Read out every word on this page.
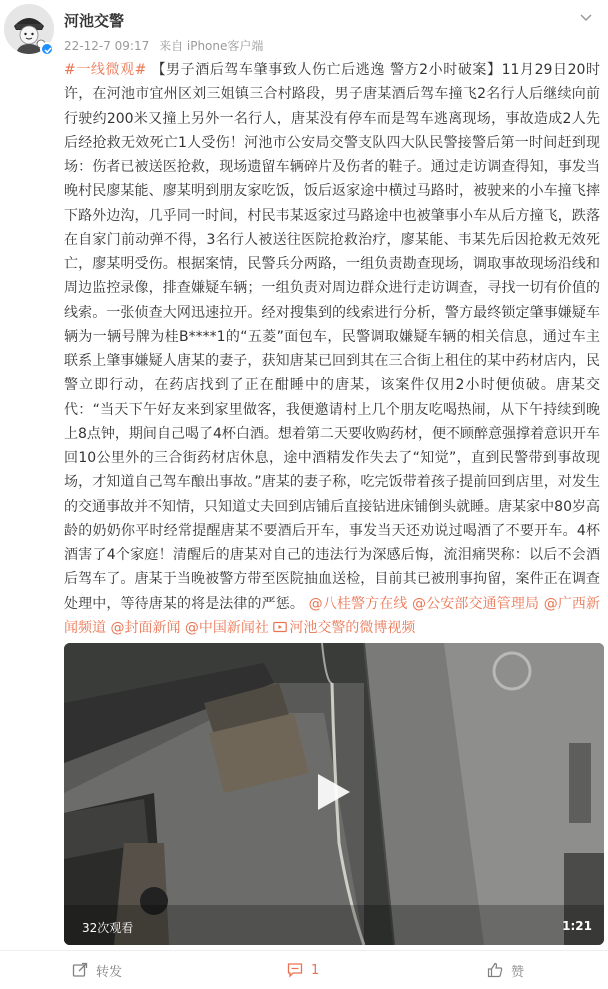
河池交警
22-12-7 09:17 来自 iPhone客户端
#一线微观# 【男子酒后驾车肇事致人伤亡后逃逸 警方2小时破案】11月29日20时许，在河池市宜州区刘三姐镇三合村路段，男子唐某酒后驾车撞飞2名行人后继续向前行驶约200米又撞上另外一名行人，唐某没有停车而是驾车逃离现场，事故造成2人先后经抢救无效死亡1人受伤！河池市公安局交警支队四大队民警接警后第一时间赶到现场：伤者已被送医抢救，现场遗留车辆碎片及伤者的鞋子。通过走访调查得知，事发当晚村民廖某能、廖某明到朋友家吃饭，饭后返家途中横过马路时，被驶来的小车撞飞摔下路外边沟，几乎同一时间，村民韦某返家过马路途中也被肇事小车从后方撞飞，跌落在自家门前动弹不得，3名行人被送往医院抢救治疗，廖某能、韦某先后因抢救无效死亡，廖某明受伤。根据案情，民警兵分两路，一组负责勘查现场，调取事故现场沿线和周边监控录像，排查嫌疑车辆；一组负责对周边群众进行走访调查，寻找一切有价值的线索。一张侦查大网迅速拉开。经对搜集到的线索进行分析，警方最终锁定肇事嫌疑车辆为一辆号牌为桂B****1的“五菱”面包车，民警调取嫌疑车辆的相关信息，通过车主联系上肇事嫌疑人唐某的妻子，获知唐某已回到其在三合街上租住的某中药材店内，民警立即行动，在药店找到了正在酣睡中的唐某，该案件仅用2小时便侦破。唐某交代：“当天下午好友来到家里做客，我便邀请村上几个朋友吃喝热闹，从下午持续到晚上8点钟，期间自己喝了4杯白酒。想着第二天要收购药材，便不顾醉意强撑着意识开车回10公里外的三合街药材店休息，途中酒精发作失去了“知觉”，直到民警带到事故现场，才知道自己驾车酿出事故。”唐某的妻子称，吃完饭带着孩子提前回到店里，对发生的交通事故并不知情，只知道丈夫回到店铺后直接钻进床铺倒头就睡。唐某家中80岁高龄的奶奶你平时经常提醒唐某不要酒后开车，事发当天还劝说过喝酒了不要开车。4杯酒害了4个家庭！清醒后的唐某对自己的违法行为深感后悔，流泪痛哭称：以后不会酒后驾车了。唐某于当晚被警方带至医院抽血送检，目前其已被刑事拘留，案件正在调查处理中，等待唐某的将是法律的严惩。 @八桂警方在线 @公安部交通管理局 @广西新闻频道 @封面新闻 @中国新闻社 河池交警的微博视频
32次观看	1:21
转发	1	赞
